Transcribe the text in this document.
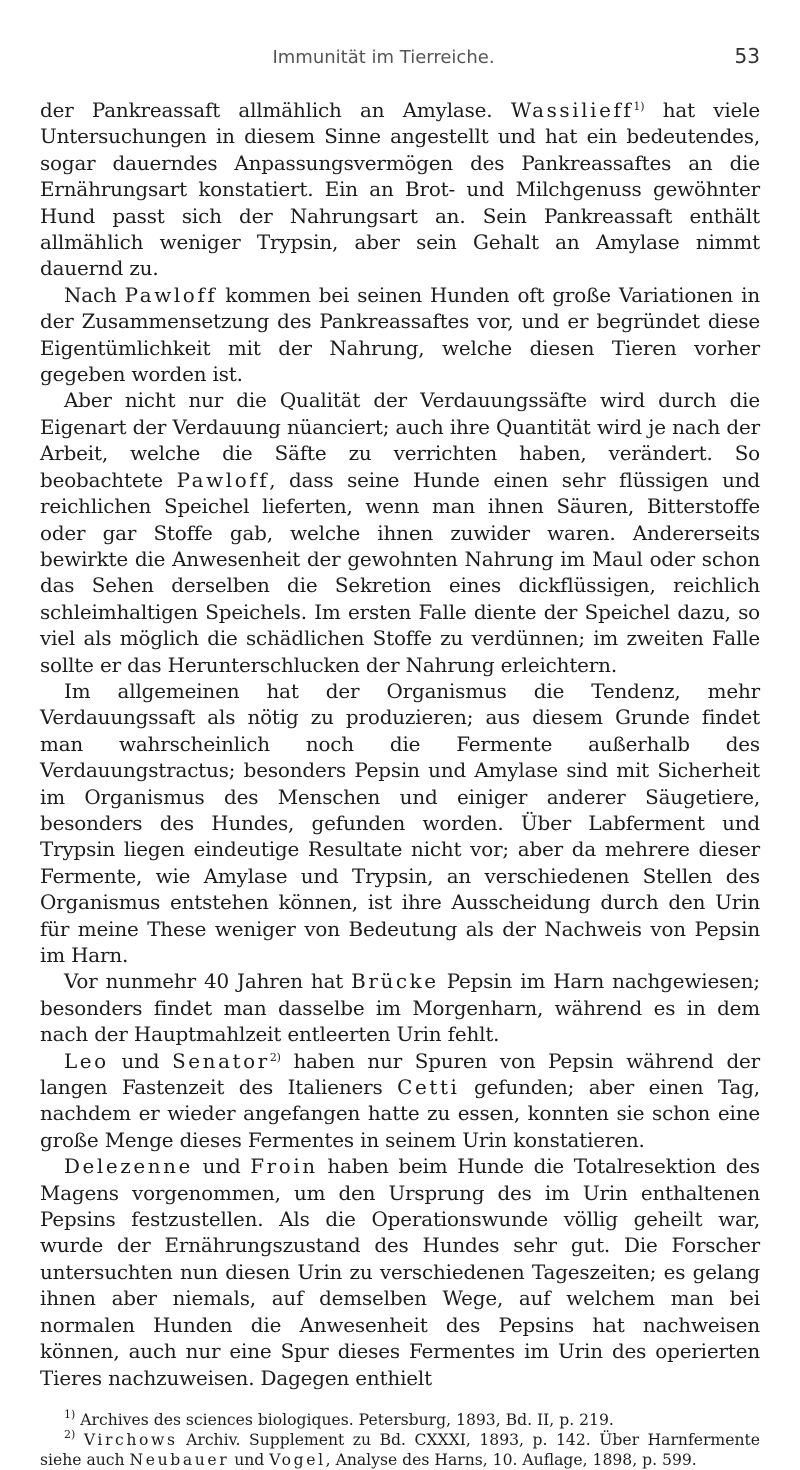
Immunität im Tierreiche.	53

der Pankreassaft allmählich an Amylase. Wassilieff$^{1)}$ hat viele Untersuchungen in diesem Sinne angestellt und hat ein bedeutendes, sogar dauerndes Anpassungsvermögen des Pankreassaftes an die Ernährungsart konstatiert. Ein an Brot- und Milchgenuss gewöhnter Hund passt sich der Nahrungsart an. Sein Pankreassaft enthält allmählich weniger Trypsin, aber sein Gehalt an Amylase nimmt dauernd zu.

Nach Pawloff kommen bei seinen Hunden oft große Variationen in der Zusammensetzung des Pankreassaftes vor, und er begründet diese Eigentümlichkeit mit der Nahrung, welche diesen Tieren vorher gegeben worden ist.

Aber nicht nur die Qualität der Verdauungssäfte wird durch die Eigenart der Verdauung nüanciert; auch ihre Quantität wird je nach der Arbeit, welche die Säfte zu verrichten haben, verändert. So beobachtete Pawloff, dass seine Hunde einen sehr flüssigen und reichlichen Speichel lieferten, wenn man ihnen Säuren, Bitterstoffe oder gar Stoffe gab, welche ihnen zuwider waren. Andererseits bewirkte die Anwesenheit der gewohnten Nahrung im Maul oder schon das Sehen derselben die Sekretion eines dickflüssigen, reichlich schleimhaltigen Speichels. Im ersten Falle diente der Speichel dazu, so viel als möglich die schädlichen Stoffe zu verdünnen; im zweiten Falle sollte er das Herunterschlucken der Nahrung erleichtern.

Im allgemeinen hat der Organismus die Tendenz, mehr Verdauungssaft als nötig zu produzieren; aus diesem Grunde findet man wahrscheinlich noch die Fermente außerhalb des Verdauungstractus; besonders Pepsin und Amylase sind mit Sicherheit im Organismus des Menschen und einiger anderer Säugetiere, besonders des Hundes, gefunden worden. Über Labferment und Trypsin liegen eindeutige Resultate nicht vor; aber da mehrere dieser Fermente, wie Amylase und Trypsin, an verschiedenen Stellen des Organismus entstehen können, ist ihre Ausscheidung durch den Urin für meine These weniger von Bedeutung als der Nachweis von Pepsin im Harn.

Vor nunmehr 40 Jahren hat Brücke Pepsin im Harn nachgewiesen; besonders findet man dasselbe im Morgenharn, während es in dem nach der Hauptmahlzeit entleerten Urin fehlt.

Leo und Senator$^{2)}$ haben nur Spuren von Pepsin während der langen Fastenzeit des Italieners Cetti gefunden; aber einen Tag, nachdem er wieder angefangen hatte zu essen, konnten sie schon eine große Menge dieses Fermentes in seinem Urin konstatieren.

Delezenne und Froin haben beim Hunde die Totalresektion des Magens vorgenommen, um den Ursprung des im Urin enthaltenen Pepsins festzustellen. Als die Operationswunde völlig geheilt war, wurde der Ernährungszustand des Hundes sehr gut. Die Forscher untersuchten nun diesen Urin zu verschiedenen Tageszeiten; es gelang ihnen aber niemals, auf demselben Wege, auf welchem man bei normalen Hunden die Anwesenheit des Pepsins hat nachweisen können, auch nur eine Spur dieses Fermentes im Urin des operierten Tieres nachzuweisen. Dagegen enthielt

$^{1)}$ Archives des sciences biologiques. Petersburg, 1893, Bd. II, p. 219.

$^{2)}$ Virchows Archiv. Supplement zu Bd. CXXXI, 1893, p. 142. Über Harnfermente siehe auch Neubauer und Vogel, Analyse des Harns, 10. Auflage, 1898, p. 599.
